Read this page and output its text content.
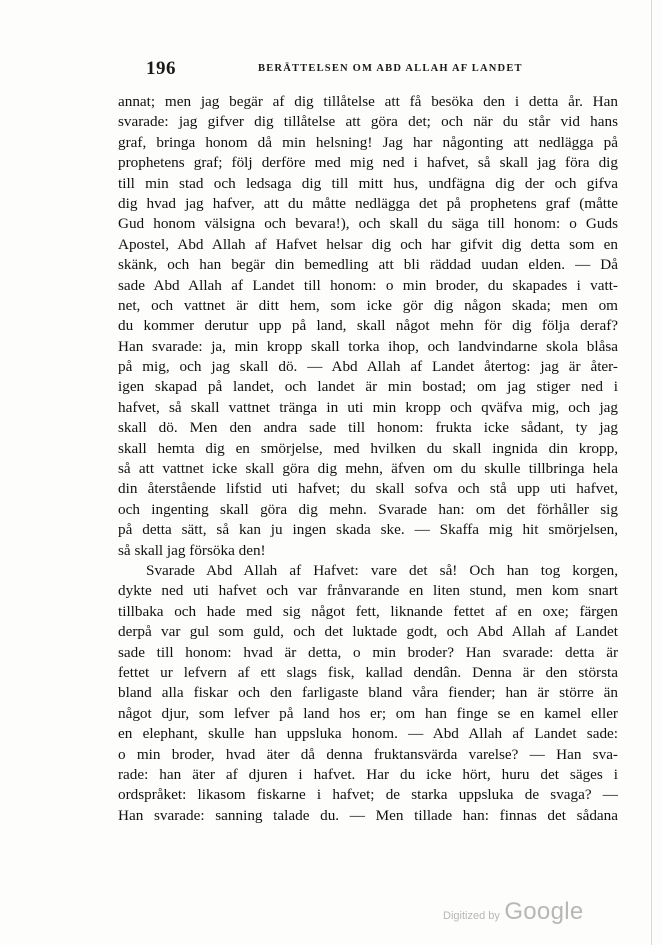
196	BERÄTTELSEN OM ABD ALLAH AF LANDET
annat; men jag begär af dig tillåtelse att få besöka den i detta år. Han
svarade: jag gifver dig tillåtelse att göra det; och när du står vid hans
graf, bringa honom då min helsning! Jag har någonting att nedlägga på
prophetens graf; följ derföre med mig ned i hafvet, så skall jag föra dig
till min stad och ledsaga dig till mitt hus, undfägna dig der och gifva
dig hvad jag hafver, att du måtte nedlägga det på prophetens graf (måtte
Gud honom välsigna och bevara!), och skall du säga till honom: o Guds
Apostel, Abd Allah af Hafvet helsar dig och har gifvit dig detta som en
skänk, och han begär din bemedling att bli räddad uudan elden. — Då
sade Abd Allah af Landet till honom: o min broder, du skapades i vatt-
net, och vattnet är ditt hem, som icke gör dig någon skada; men om
du kommer derutur upp på land, skall något mehn för dig följa deraf?
Han svarade: ja, min kropp skall torka ihop, och landvindarne skola blåsa
på mig, och jag skall dö. — Abd Allah af Landet återtog: jag är åter-
igen skapad på landet, och landet är min bostad; om jag stiger ned i
hafvet, så skall vattnet tränga in uti min kropp och qväfva mig, och jag
skall dö. Men den andra sade till honom: frukta icke sådant, ty jag
skall hemta dig en smörjelse, med hvilken du skall ingnida din kropp,
så att vattnet icke skall göra dig mehn, äfven om du skulle tillbringa hela
din återstående lifstid uti hafvet; du skall sofva och stå upp uti hafvet,
och ingenting skall göra dig mehn. Svarade han: om det förhåller sig
på detta sätt, så kan ju ingen skada ske. — Skaffa mig hit smörjelsen,
så skall jag försöka den!
Svarade Abd Allah af Hafvet: vare det så! Och han tog korgen,
dykte ned uti hafvet och var frånvarande en liten stund, men kom snart
tillbaka och hade med sig något fett, liknande fettet af en oxe; färgen
derpå var gul som guld, och det luktade godt, och Abd Allah af Landet
sade till honom: hvad är detta, o min broder? Han svarade: detta är
fettet ur lefvern af ett slags fisk, kallad dendân. Denna är den största
bland alla fiskar och den farligaste bland våra fiender; han är större än
något djur, som lefver på land hos er; om han finge se en kamel eller
en elephant, skulle han uppsluka honom. — Abd Allah af Landet sade:
o min broder, hvad äter då denna fruktansvärda varelse? — Han sva-
rade: han äter af djuren i hafvet. Har du icke hört, huru det säges i
ordspråket: likasom fiskarne i hafvet; de starka uppsluka de svaga? —
Han svarade: sanning talade du. — Men tillade han: finnas det sådana
Digitized by Google
